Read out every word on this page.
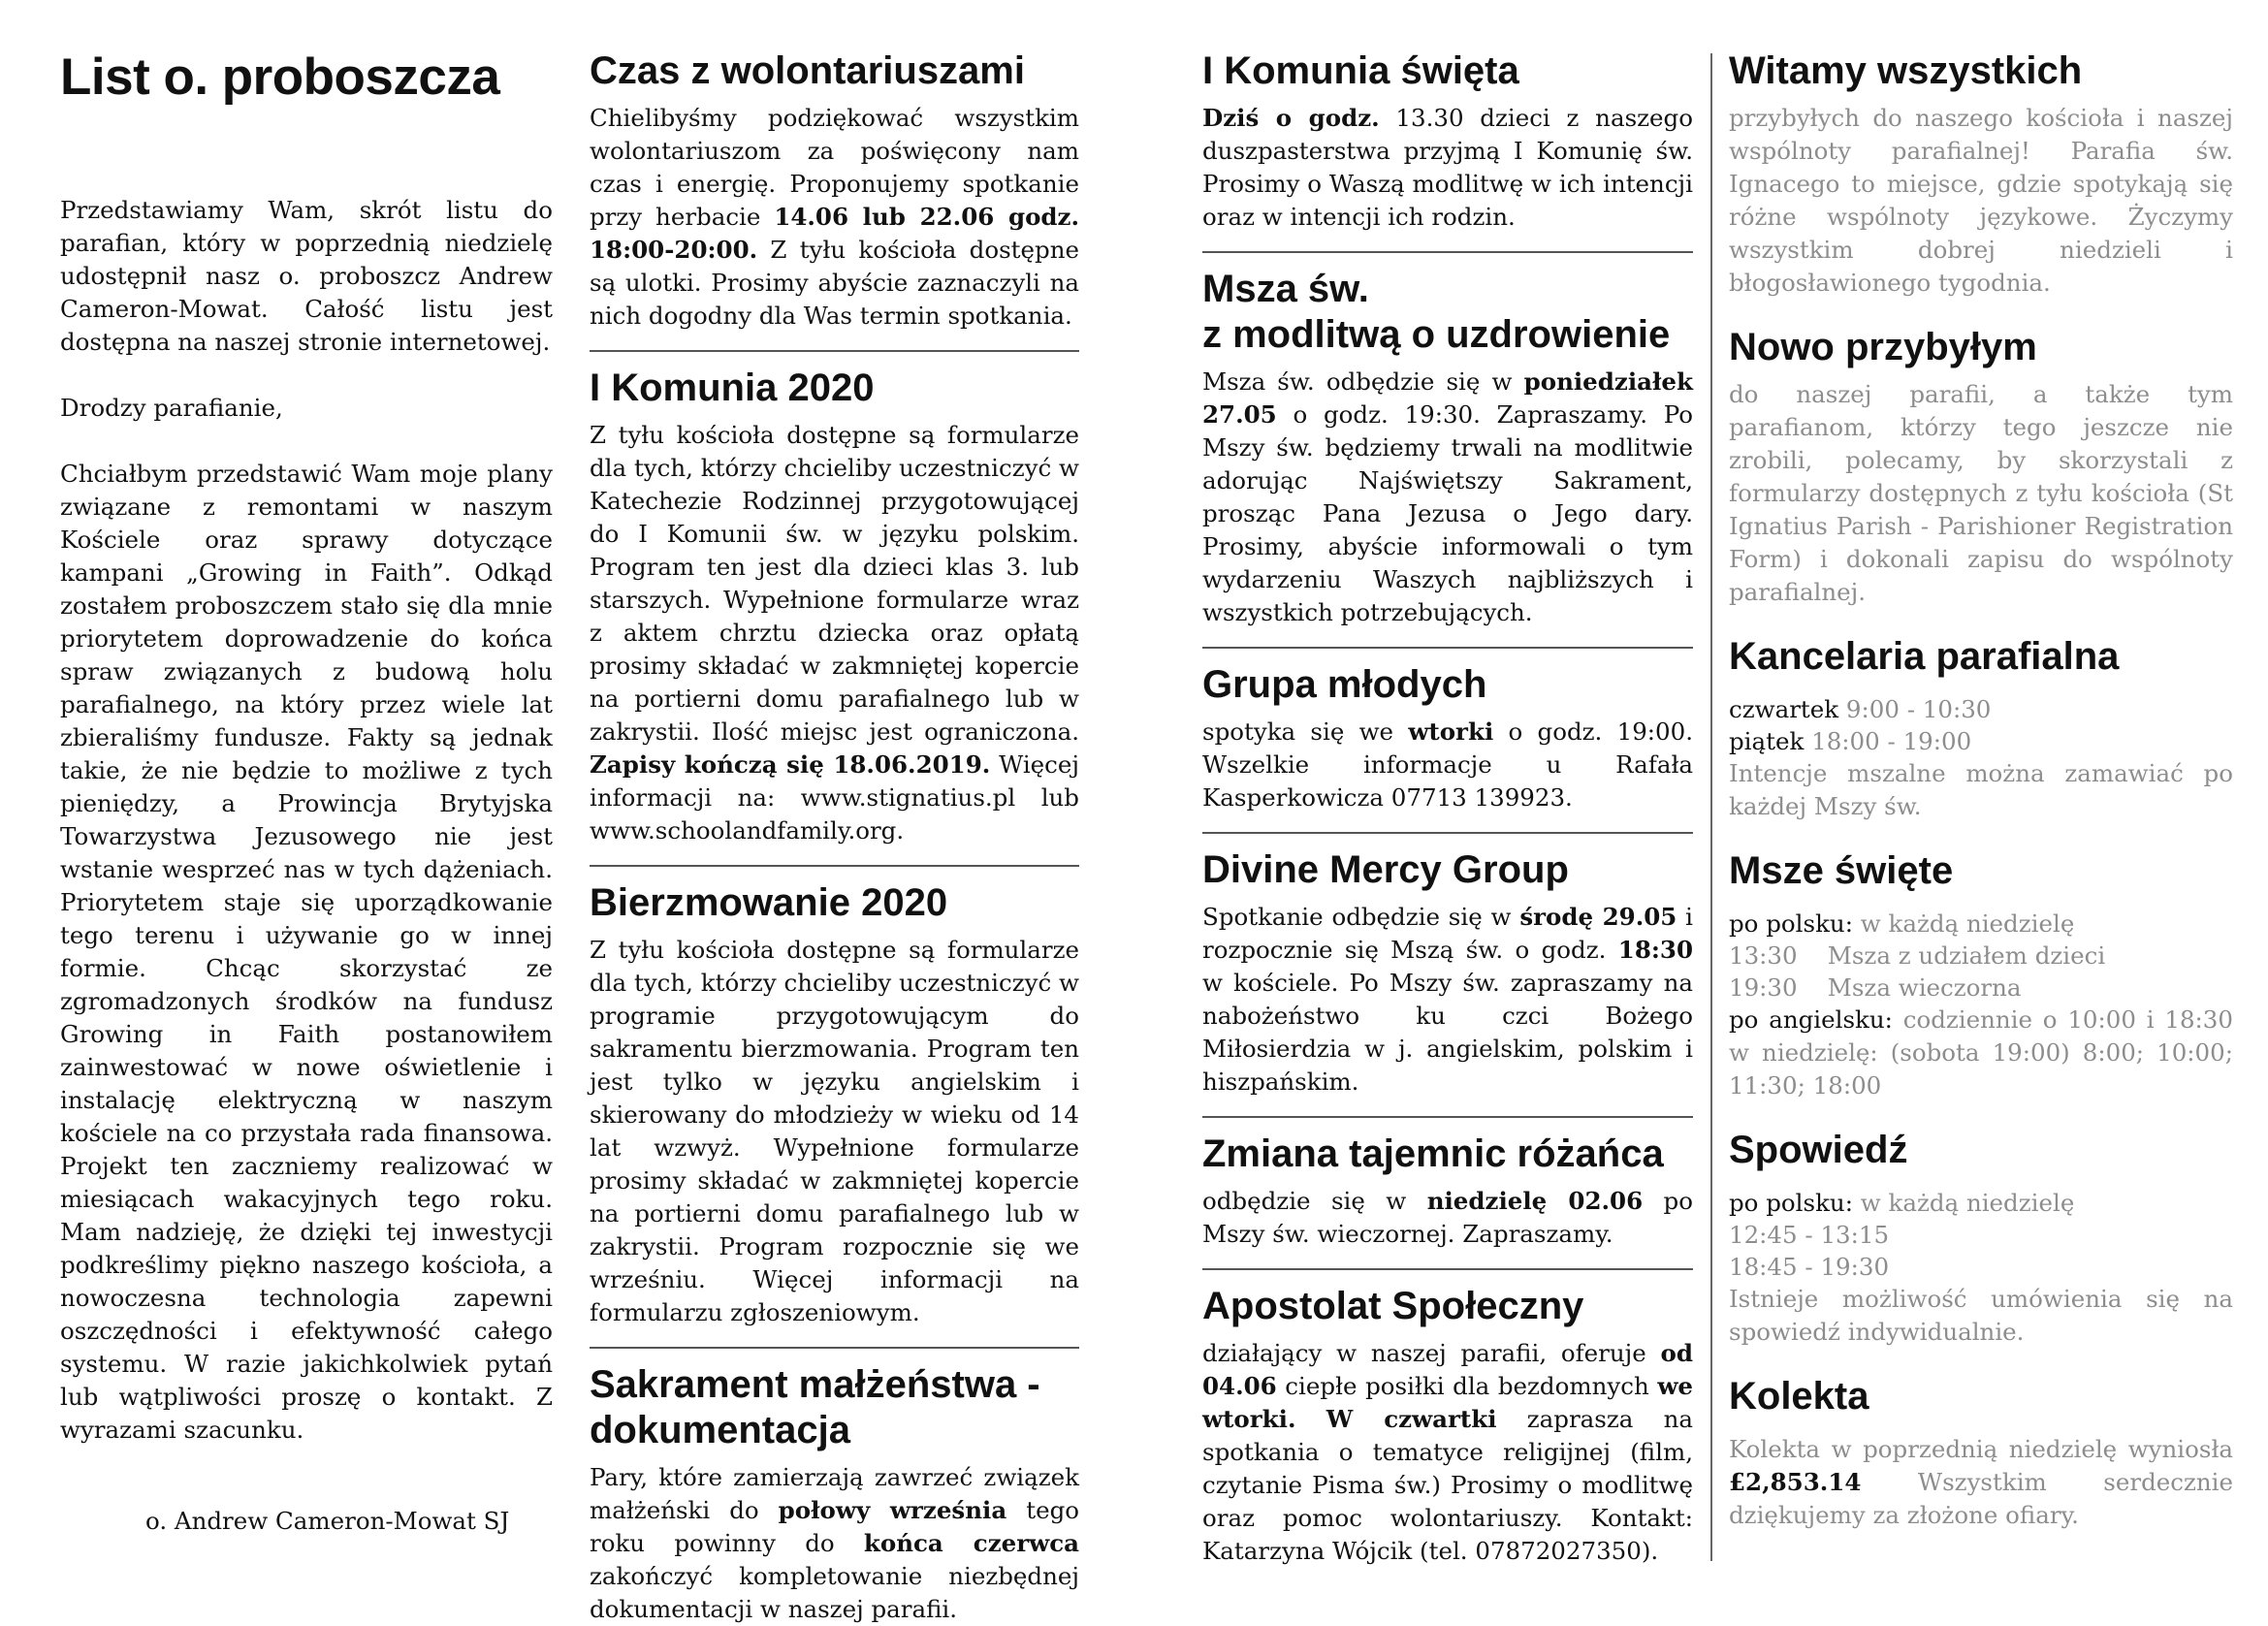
List o. proboszcza

Przedstawiamy Wam, skrót listu do parafian, który w poprzednią niedzielę udostępnił nasz o. proboszcz Andrew Cameron-Mowat. Całość listu jest dostępna na naszej stronie internetowej.

Drodzy parafianie,

Chciałbym przedstawić Wam moje plany związane z remontami w naszym Kościele oraz sprawy dotyczące kampani „Growing in Faith”. Odkąd zostałem proboszczem stało się dla mnie priorytetem doprowadzenie do końca spraw związanych z budową holu parafialnego, na który przez wiele lat zbieraliśmy fundusze. Fakty są jednak takie, że nie będzie to możliwe z tych pieniędzy, a Prowincja Brytyjska Towarzystwa Jezusowego nie jest wstanie wesprzeć nas w tych dążeniach. Priorytetem staje się uporządkowanie tego terenu i używanie go w innej formie. Chcąc skorzystać ze zgromadzonych środków na fundusz Growing in Faith postanowiłem zainwestować w nowe oświetlenie i instalację elektryczną w naszym kościele na co przystała rada finansowa. Projekt ten zaczniemy realizować w miesiącach wakacyjnych tego roku. Mam nadzieję, że dzięki tej inwestycji podkreślimy piękno naszego kościoła, a nowoczesna technologia zapewni oszczędności i efektywność całego systemu. W razie jakichkolwiek pytań lub wątpliwości proszę o kontakt. Z wyrazami szacunku.

o. Andrew Cameron-Mowat SJ
Czas z wolontariuszami

Chielibyśmy podziękować wszystkim wolontariuszom za poświęcony nam czas i energię. Proponujemy spotkanie przy herbacie 14.06 lub 22.06 godz. 18:00-20:00. Z tyłu kościoła dostępne są ulotki. Prosimy abyście zaznaczyli na nich dogodny dla Was termin spotkania.

I Komunia 2020

Z tyłu kościoła dostępne są formularze dla tych, którzy chcieliby uczestniczyć w Katechezie Rodzinnej przygotowującej do I Komunii św. w języku polskim. Program ten jest dla dzieci klas 3. lub starszych. Wypełnione formularze wraz z aktem chrztu dziecka oraz opłatą prosimy składać w zakmniętej kopercie na portierni domu parafialnego lub w zakrystii. Ilość miejsc jest ograniczona. Zapisy kończą się 18.06.2019. Więcej informacji na: www.stignatius.pl lub www.schoolandfamily.org.

Bierzmowanie 2020

Z tyłu kościoła dostępne są formularze dla tych, którzy chcieliby uczestniczyć w programie przygotowującym do sakramentu bierzmowania. Program ten jest tylko w języku angielskim i skierowany do młodzieży w wieku od 14 lat wzwyż. Wypełnione formularze prosimy składać w zakmniętej kopercie na portierni domu parafialnego lub w zakrystii. Program rozpocznie się we wrześniu. Więcej informacji na formularzu zgłoszeniowym.

Sakrament małżeństwa - dokumentacja

Pary, które zamierzają zawrzeć związek małżeński do połowy września tego roku powinny do końca czerwca zakończyć kompletowanie niezbędnej dokumentacji w naszej parafii.

I Komunia święta

Dziś o godz. 13.30 dzieci z naszego duszpasterstwa przyjmą I Komunię św. Prosimy o Waszą modlitwę w ich intencji oraz w intencji ich rodzin.

Msza św.
z modlitwą o uzdrowienie

Msza św. odbędzie się w poniedziałek 27.05 o godz. 19:30. Zapraszamy. Po Mszy św. będziemy trwali na modlitwie adorując Najświętszy Sakrament, prosząc Pana Jezusa o Jego dary. Prosimy, abyście informowali o tym wydarzeniu Waszych najbliższych i wszystkich potrzebujących.

Grupa młodych

spotyka się we wtorki o godz. 19:00. Wszelkie informacje u Rafała Kasperkowicza 07713 139923.

Divine Mercy Group

Spotkanie odbędzie się w środę 29.05 i rozpocznie się Mszą św. o godz. 18:30 w kościele. Po Mszy św. zapraszamy na nabożeństwo ku czci Bożego Miłosierdzia w j. angielskim, polskim i hiszpańskim.

Zmiana tajemnic różańca

odbędzie się w niedzielę 02.06 po Mszy św. wieczornej. Zapraszamy.

Apostolat Społeczny

działający w naszej parafii, oferuje od 04.06 ciepłe posiłki dla bezdomnych we wtorki. W czwartki zaprasza na spotkania o tematyce religijnej (film, czytanie Pisma św.) Prosimy o modlitwę oraz pomoc wolontariuszy. Kontakt: Katarzyna Wójcik (tel. 07872027350).

Witamy wszystkich

przybyłych do naszego kościoła i naszej wspólnoty parafialnej! Parafia św. Ignacego to miejsce, gdzie spotykają się różne wspólnoty językowe. Życzymy wszystkim dobrej niedzieli i błogosławionego tygodnia.

Nowo przybyłym

do naszej parafii, a także tym parafianom, którzy tego jeszcze nie zrobili, polecamy, by skorzystali z formularzy dostępnych z tyłu kościoła (St Ignatius Parish - Parishioner Registration Form) i dokonali zapisu do wspólnoty parafialnej.

Kancelaria parafialna

czwartek 9:00 - 10:30

piątek 18:00 - 19:00

Intencje mszalne można zamawiać po każdej Mszy św.

Msze święte

po polsku: w każdą niedzielę

13:30    Msza z udziałem dzieci

19:30    Msza wieczorna

po angielsku: codziennie o 10:00 i 18:30 w niedzielę: (sobota 19:00) 8:00; 10:00; 11:30; 18:00

Spowiedź

po polsku: w każdą niedzielę

12:45 - 13:15

18:45 - 19:30

Istnieje możliwość umówienia się na spowiedź indywidualnie.

Kolekta

Kolekta w poprzednią niedzielę wyniosła £2,853.14 Wszystkim serdecznie dziękujemy za złożone ofiary.
